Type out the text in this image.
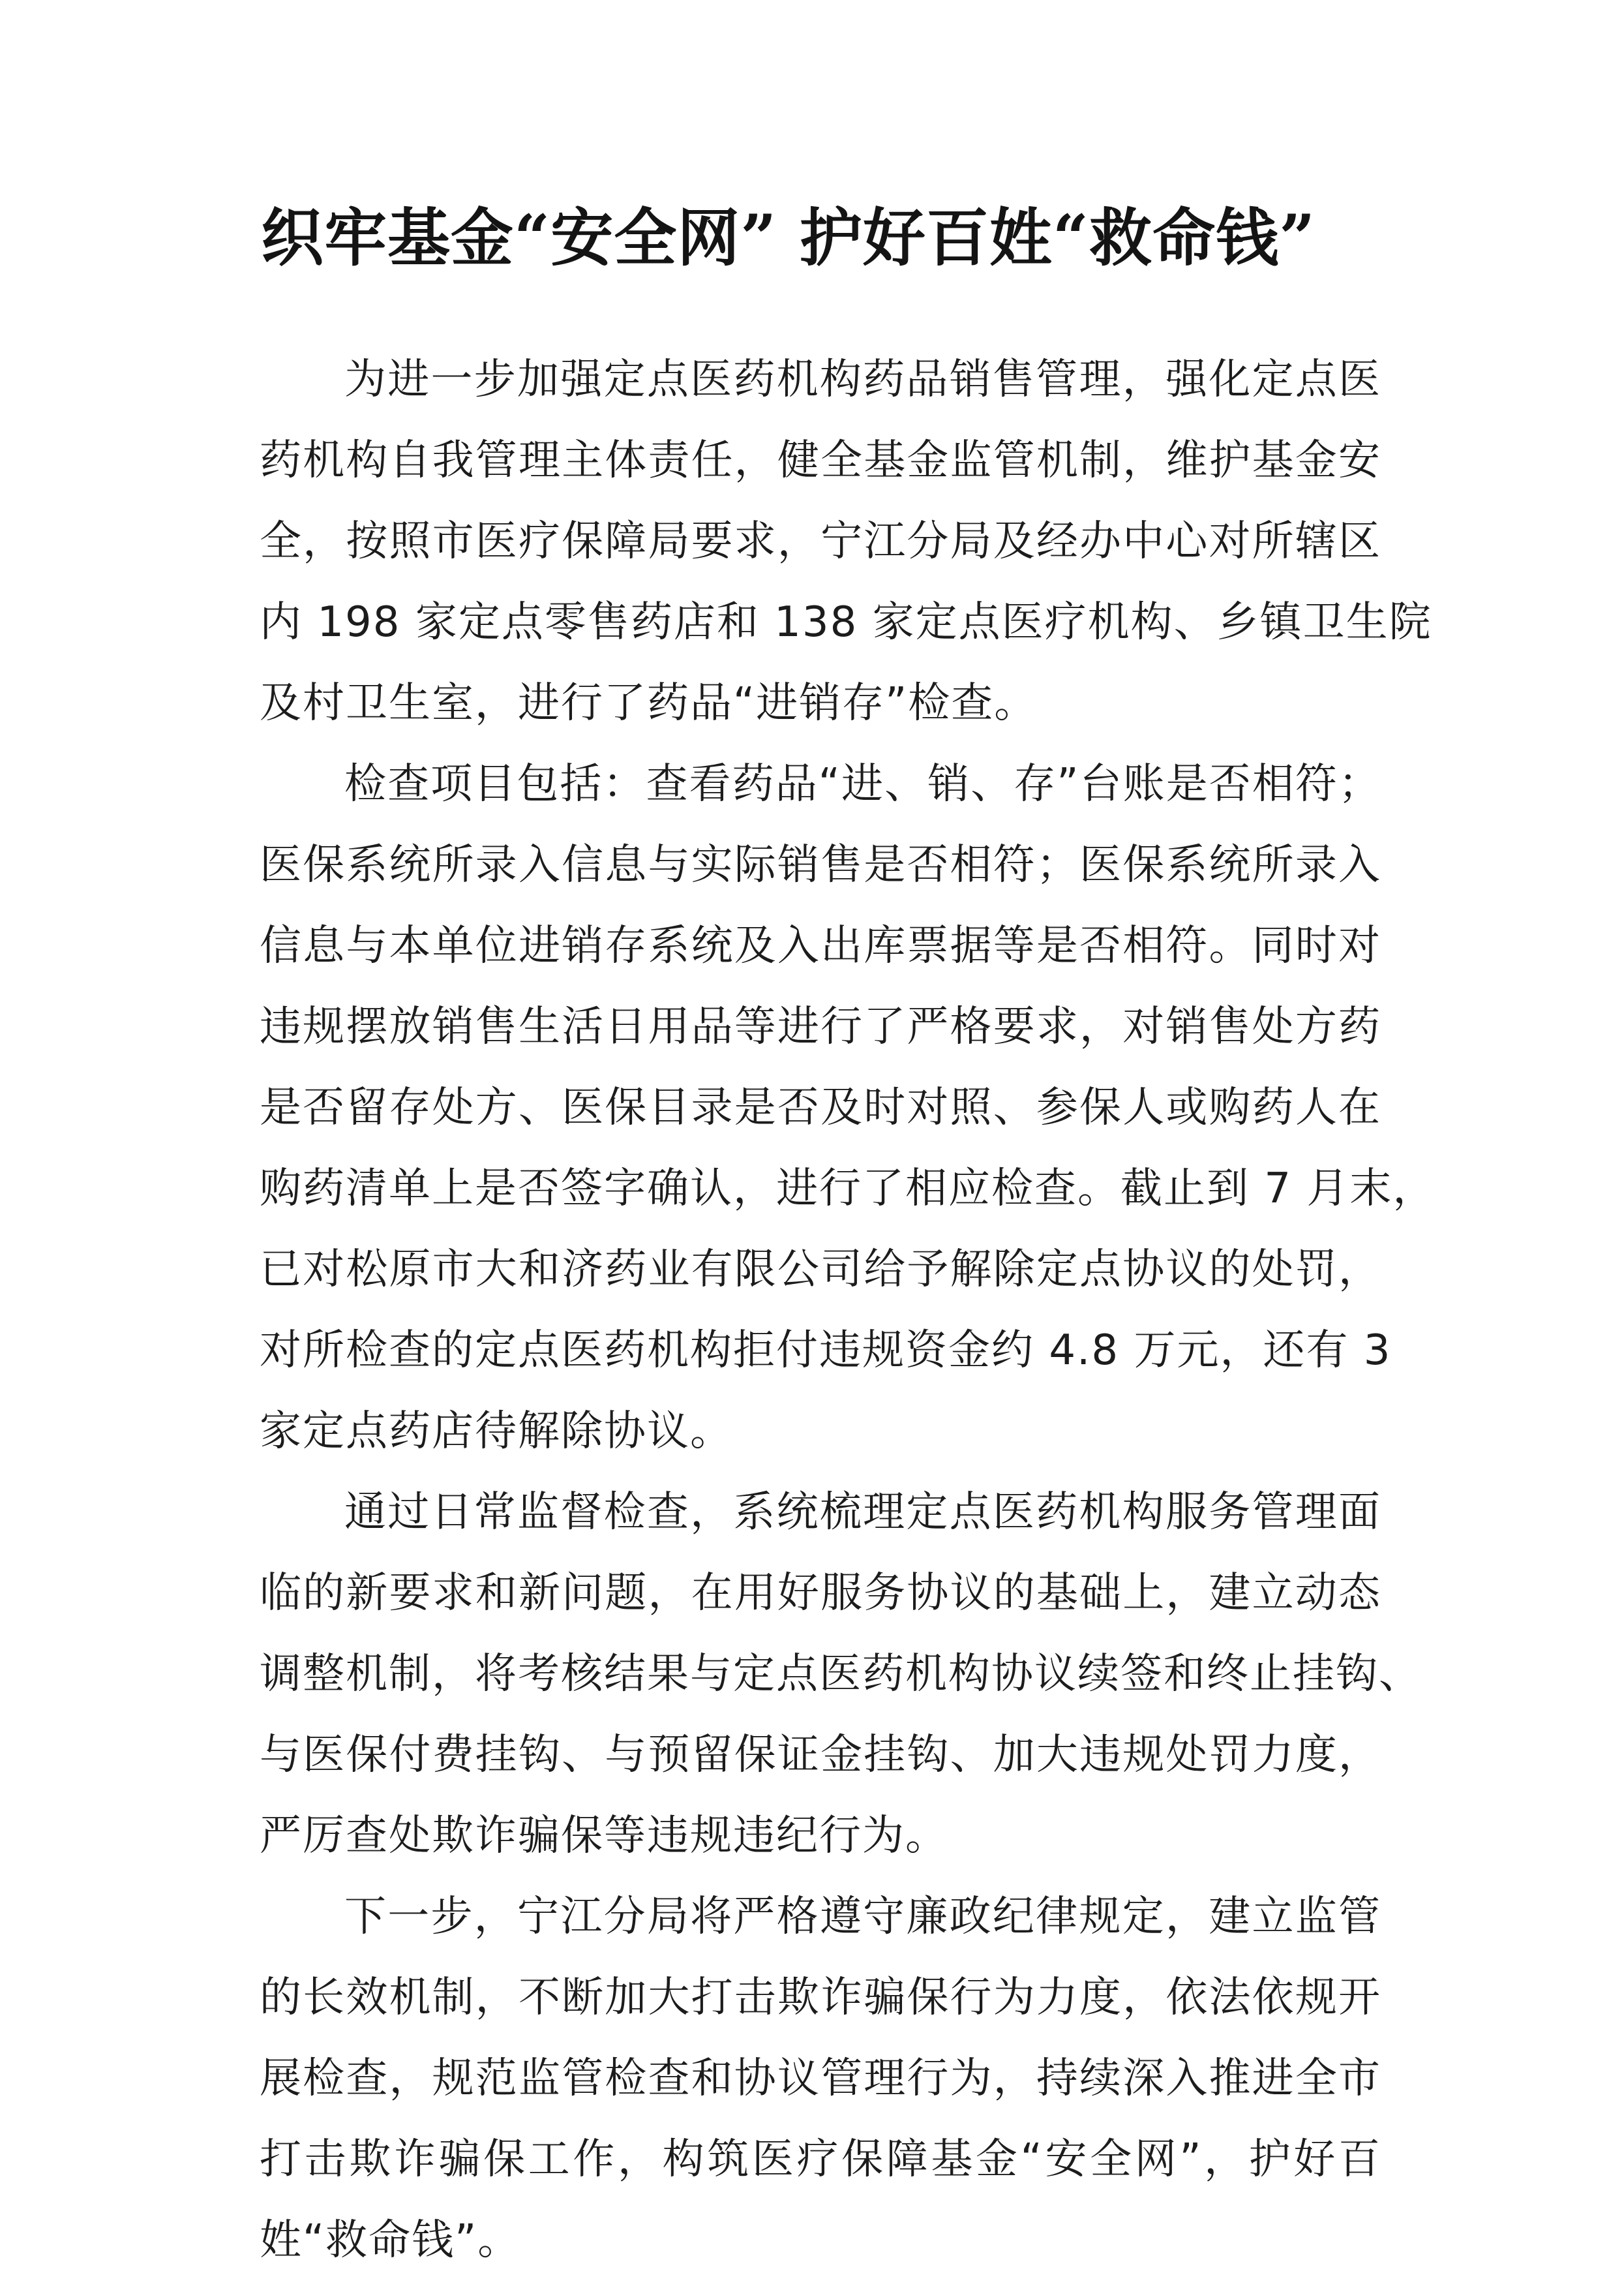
织牢基金“安全网” 护好百姓“救命钱”

为进一步加强定点医药机构药品销售管理，强化定点医
药机构自我管理主体责任，健全基金监管机制，维护基金安
全，按照市医疗保障局要求，宁江分局及经办中心对所辖区
内 198 家定点零售药店和 138 家定点医疗机构、乡镇卫生院
及村卫生室，进行了药品“进销存”检查。

检查项目包括：查看药品“进、销、存”台账是否相符；
医保系统所录入信息与实际销售是否相符；医保系统所录入
信息与本单位进销存系统及入出库票据等是否相符。同时对
违规摆放销售生活日用品等进行了严格要求，对销售处方药
是否留存处方、医保目录是否及时对照、参保人或购药人在
购药清单上是否签字确认，进行了相应检查。截止到 7 月末，
已对松原市大和济药业有限公司给予解除定点协议的处罚，
对所检查的定点医药机构拒付违规资金约 4.8 万元，还有 3
家定点药店待解除协议。

通过日常监督检查，系统梳理定点医药机构服务管理面
临的新要求和新问题，在用好服务协议的基础上，建立动态
调整机制，将考核结果与定点医药机构协议续签和终止挂钩、
与医保付费挂钩、与预留保证金挂钩、加大违规处罚力度，
严厉查处欺诈骗保等违规违纪行为。

下一步，宁江分局将严格遵守廉政纪律规定，建立监管
的长效机制，不断加大打击欺诈骗保行为力度，依法依规开
展检查，规范监管检查和协议管理行为，持续深入推进全市
打击欺诈骗保工作，构筑医疗保障基金“安全网”，护好百
姓“救命钱”。
